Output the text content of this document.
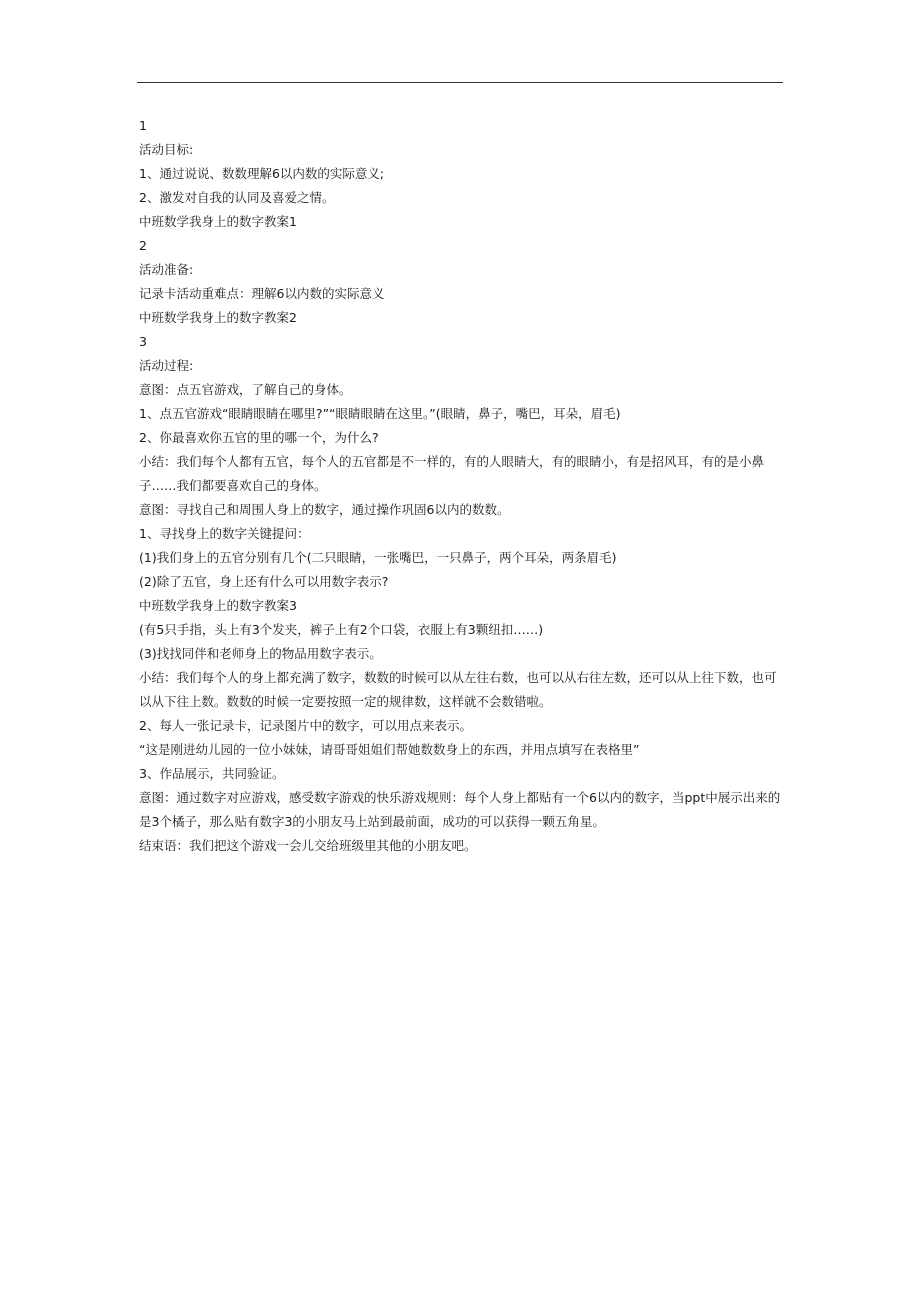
1

活动目标:

1、通过说说、数数理解6以内数的实际意义;

2、激发对自我的认同及喜爱之情。

中班数学我身上的数字教案1

2

活动准备:

记录卡活动重难点：理解6以内数的实际意义

中班数学我身上的数字教案2

3

活动过程:

意图：点五官游戏，了解自己的身体。

1、点五官游戏“眼睛眼睛在哪里?”“眼睛眼睛在这里。”(眼睛，鼻子，嘴巴，耳朵，眉毛)

2、你最喜欢你五官的里的哪一个，为什么?

小结：我们每个人都有五官，每个人的五官都是不一样的，有的人眼睛大，有的眼睛小，有是招风耳，有的是小鼻子……我们都要喜欢自己的身体。

意图：寻找自己和周围人身上的数字，通过操作巩固6以内的数数。

1、寻找身上的数字关键提问：

(1)我们身上的五官分别有几个(二只眼睛，一张嘴巴，一只鼻子，两个耳朵，两条眉毛)

(2)除了五官，身上还有什么可以用数字表示?

中班数学我身上的数字教案3

(有5只手指，头上有3个发夹，裤子上有2个口袋，衣服上有3颗纽扣……)

(3)找找同伴和老师身上的物品用数字表示。

小结：我们每个人的身上都充满了数字，数数的时候可以从左往右数，也可以从右往左数，还可以从上往下数，也可以从下往上数。数数的时候一定要按照一定的规律数，这样就不会数错啦。

2、每人一张记录卡，记录图片中的数字，可以用点来表示。

“这是刚进幼儿园的一位小妹妹，请哥哥姐姐们帮她数数身上的东西，并用点填写在表格里”

3、作品展示，共同验证。

意图：通过数字对应游戏，感受数字游戏的快乐游戏规则：每个人身上都贴有一个6以内的数字，当ppt中展示出来的是3个橘子，那么贴有数字3的小朋友马上站到最前面，成功的可以获得一颗五角星。

结束语：我们把这个游戏一会儿交给班级里其他的小朋友吧。
